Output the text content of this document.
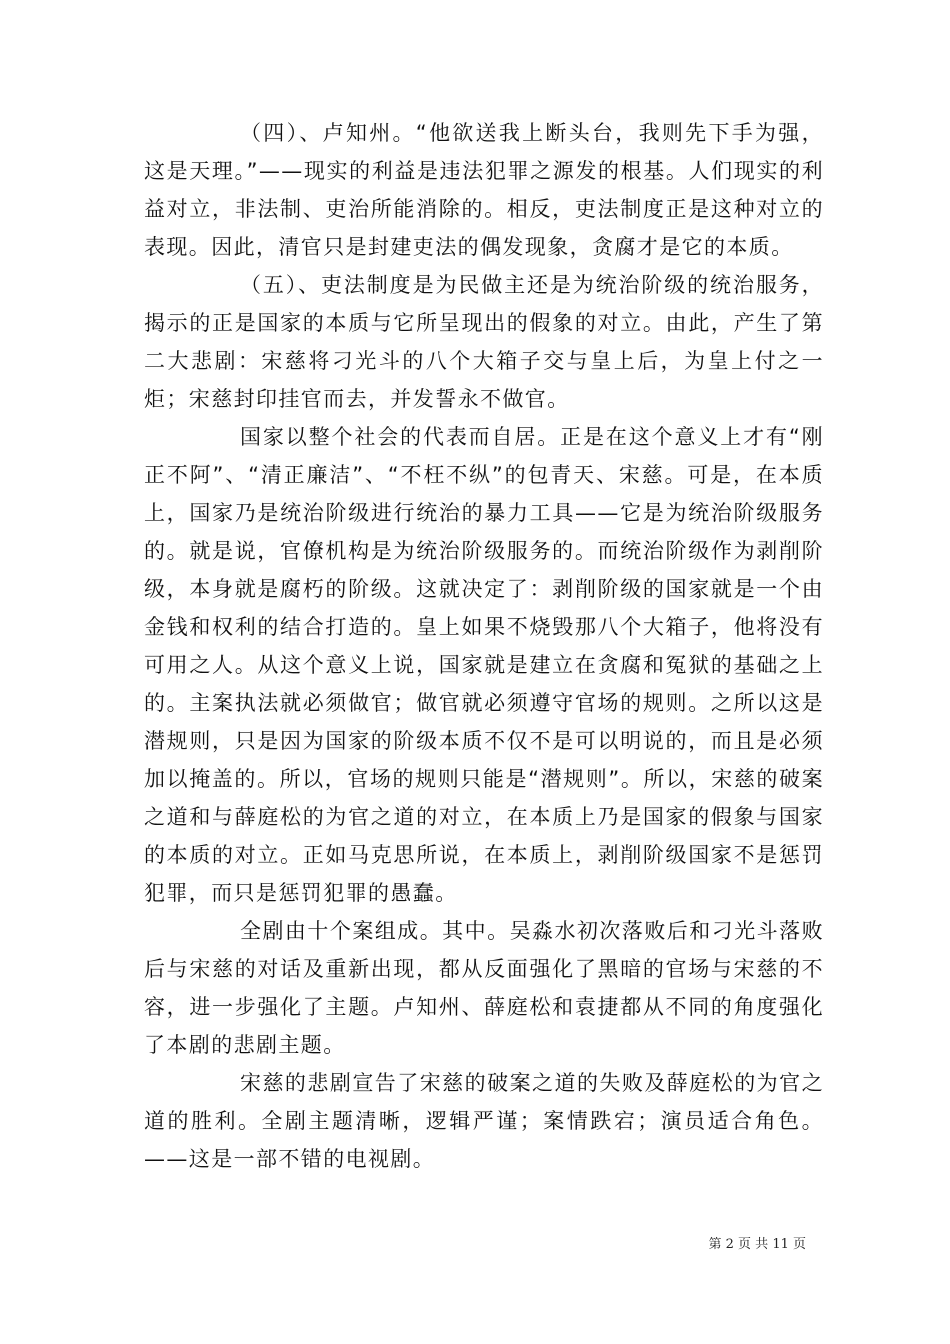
（四）、卢知州。“他欲送我上断头台，我则先下手为强，这是天理。”——现实的利益是违法犯罪之源发的根基。人们现实的利益对立，非法制、吏治所能消除的。相反，吏法制度正是这种对立的表现。因此，清官只是封建吏法的偶发现象，贪腐才是它的本质。

（五）、吏法制度是为民做主还是为统治阶级的统治服务，揭示的正是国家的本质与它所呈现出的假象的对立。由此，产生了第二大悲剧：宋慈将刁光斗的八个大箱子交与皇上后，为皇上付之一炬；宋慈封印挂官而去，并发誓永不做官。

国家以整个社会的代表而自居。正是在这个意义上才有“刚正不阿”、“清正廉洁”、“不枉不纵”的包青天、宋慈。可是，在本质上，国家乃是统治阶级进行统治的暴力工具——它是为统治阶级服务的。就是说，官僚机构是为统治阶级服务的。而统治阶级作为剥削阶级，本身就是腐朽的阶级。这就决定了：剥削阶级的国家就是一个由金钱和权利的结合打造的。皇上如果不烧毁那八个大箱子，他将没有可用之人。从这个意义上说，国家就是建立在贪腐和冤狱的基础之上的。主案执法就必须做官；做官就必须遵守官场的规则。之所以这是潜规则，只是因为国家的阶级本质不仅不是可以明说的，而且是必须加以掩盖的。所以，官场的规则只能是“潜规则”。所以，宋慈的破案之道和与薛庭松的为官之道的对立，在本质上乃是国家的假象与国家的本质的对立。正如马克思所说，在本质上，剥削阶级国家不是惩罚犯罪，而只是惩罚犯罪的愚蠢。

全剧由十个案组成。其中。吴淼水初次落败后和刁光斗落败后与宋慈的对话及重新出现，都从反面强化了黑暗的官场与宋慈的不容，进一步强化了主题。卢知州、薛庭松和袁捷都从不同的角度强化了本剧的悲剧主题。

宋慈的悲剧宣告了宋慈的破案之道的失败及薛庭松的为官之道的胜利。全剧主题清晰，逻辑严谨；案情跌宕；演员适合角色。——这是一部不错的电视剧。

第 2 页 共 11 页
